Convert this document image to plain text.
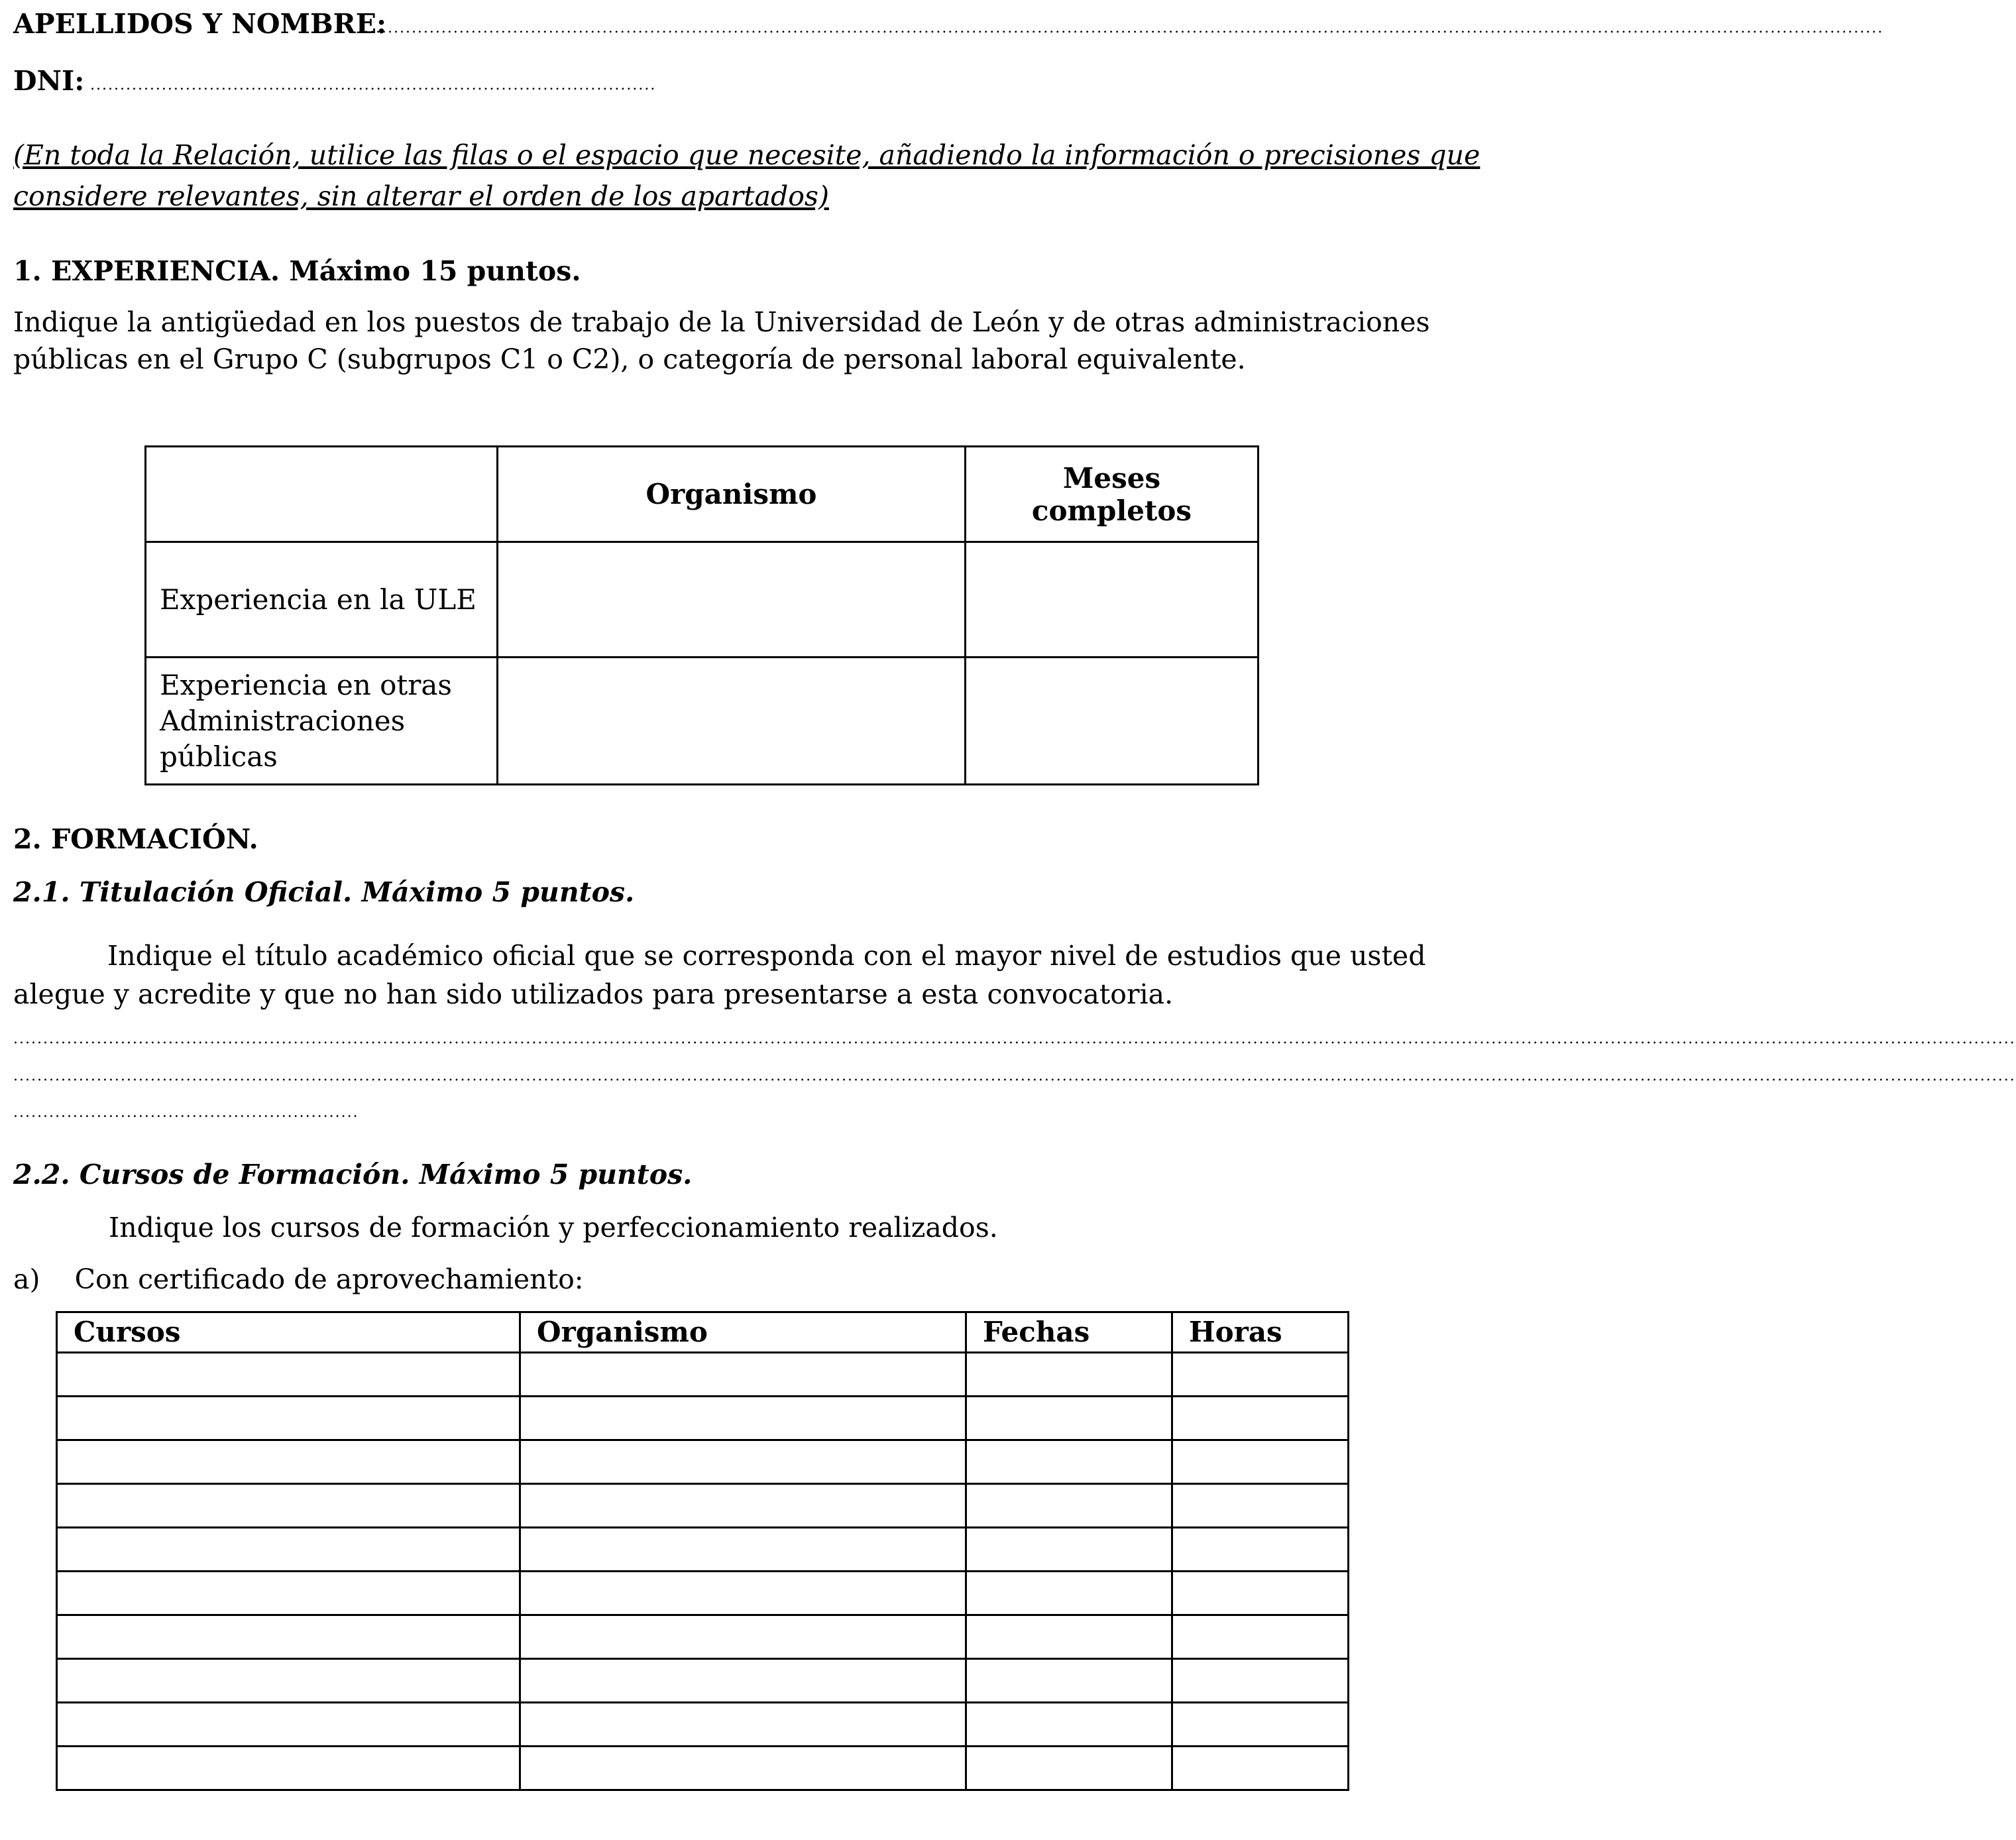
APELLIDOS Y NOMBRE:
................................................................................................................................................................................................................................................................
DNI: ...............................................................................................
(En toda la Relación, utilice las filas o el espacio que necesite, añadiendo la información o precisiones que
considere relevantes, sin alterar el orden de los apartados)
1. EXPERIENCIA. Máximo 15 puntos.
Indique la antigüedad en los puestos de trabajo de la Universidad de León y de otras administraciones
públicas en el Grupo C (subgrupos C1 o C2), o categoría de personal laboral equivalente.
	Organismo	Meses completos
Experiencia en la ULE		

Experiencia en otras
Administraciones
públicas		

2. FORMACIÓN.
2.1. Titulación Oficial. Máximo 5 puntos.
Indique el título académico oficial que se corresponda con el mayor nivel de estudios que usted
alegue y acredite y que no han sido utilizados para presentarse a esta convocatoria.
................................................................................................................................................................................................................................................................................................................................................
................................................................................................................................................................................................................................................................................................................................................
..........................................................
2.2. Cursos de Formación. Máximo 5 puntos.
Indique los cursos de formación y perfeccionamiento realizados.
a)    Con certificado de aprovechamiento:
Cursos	Organismo	Fechas	Horas
